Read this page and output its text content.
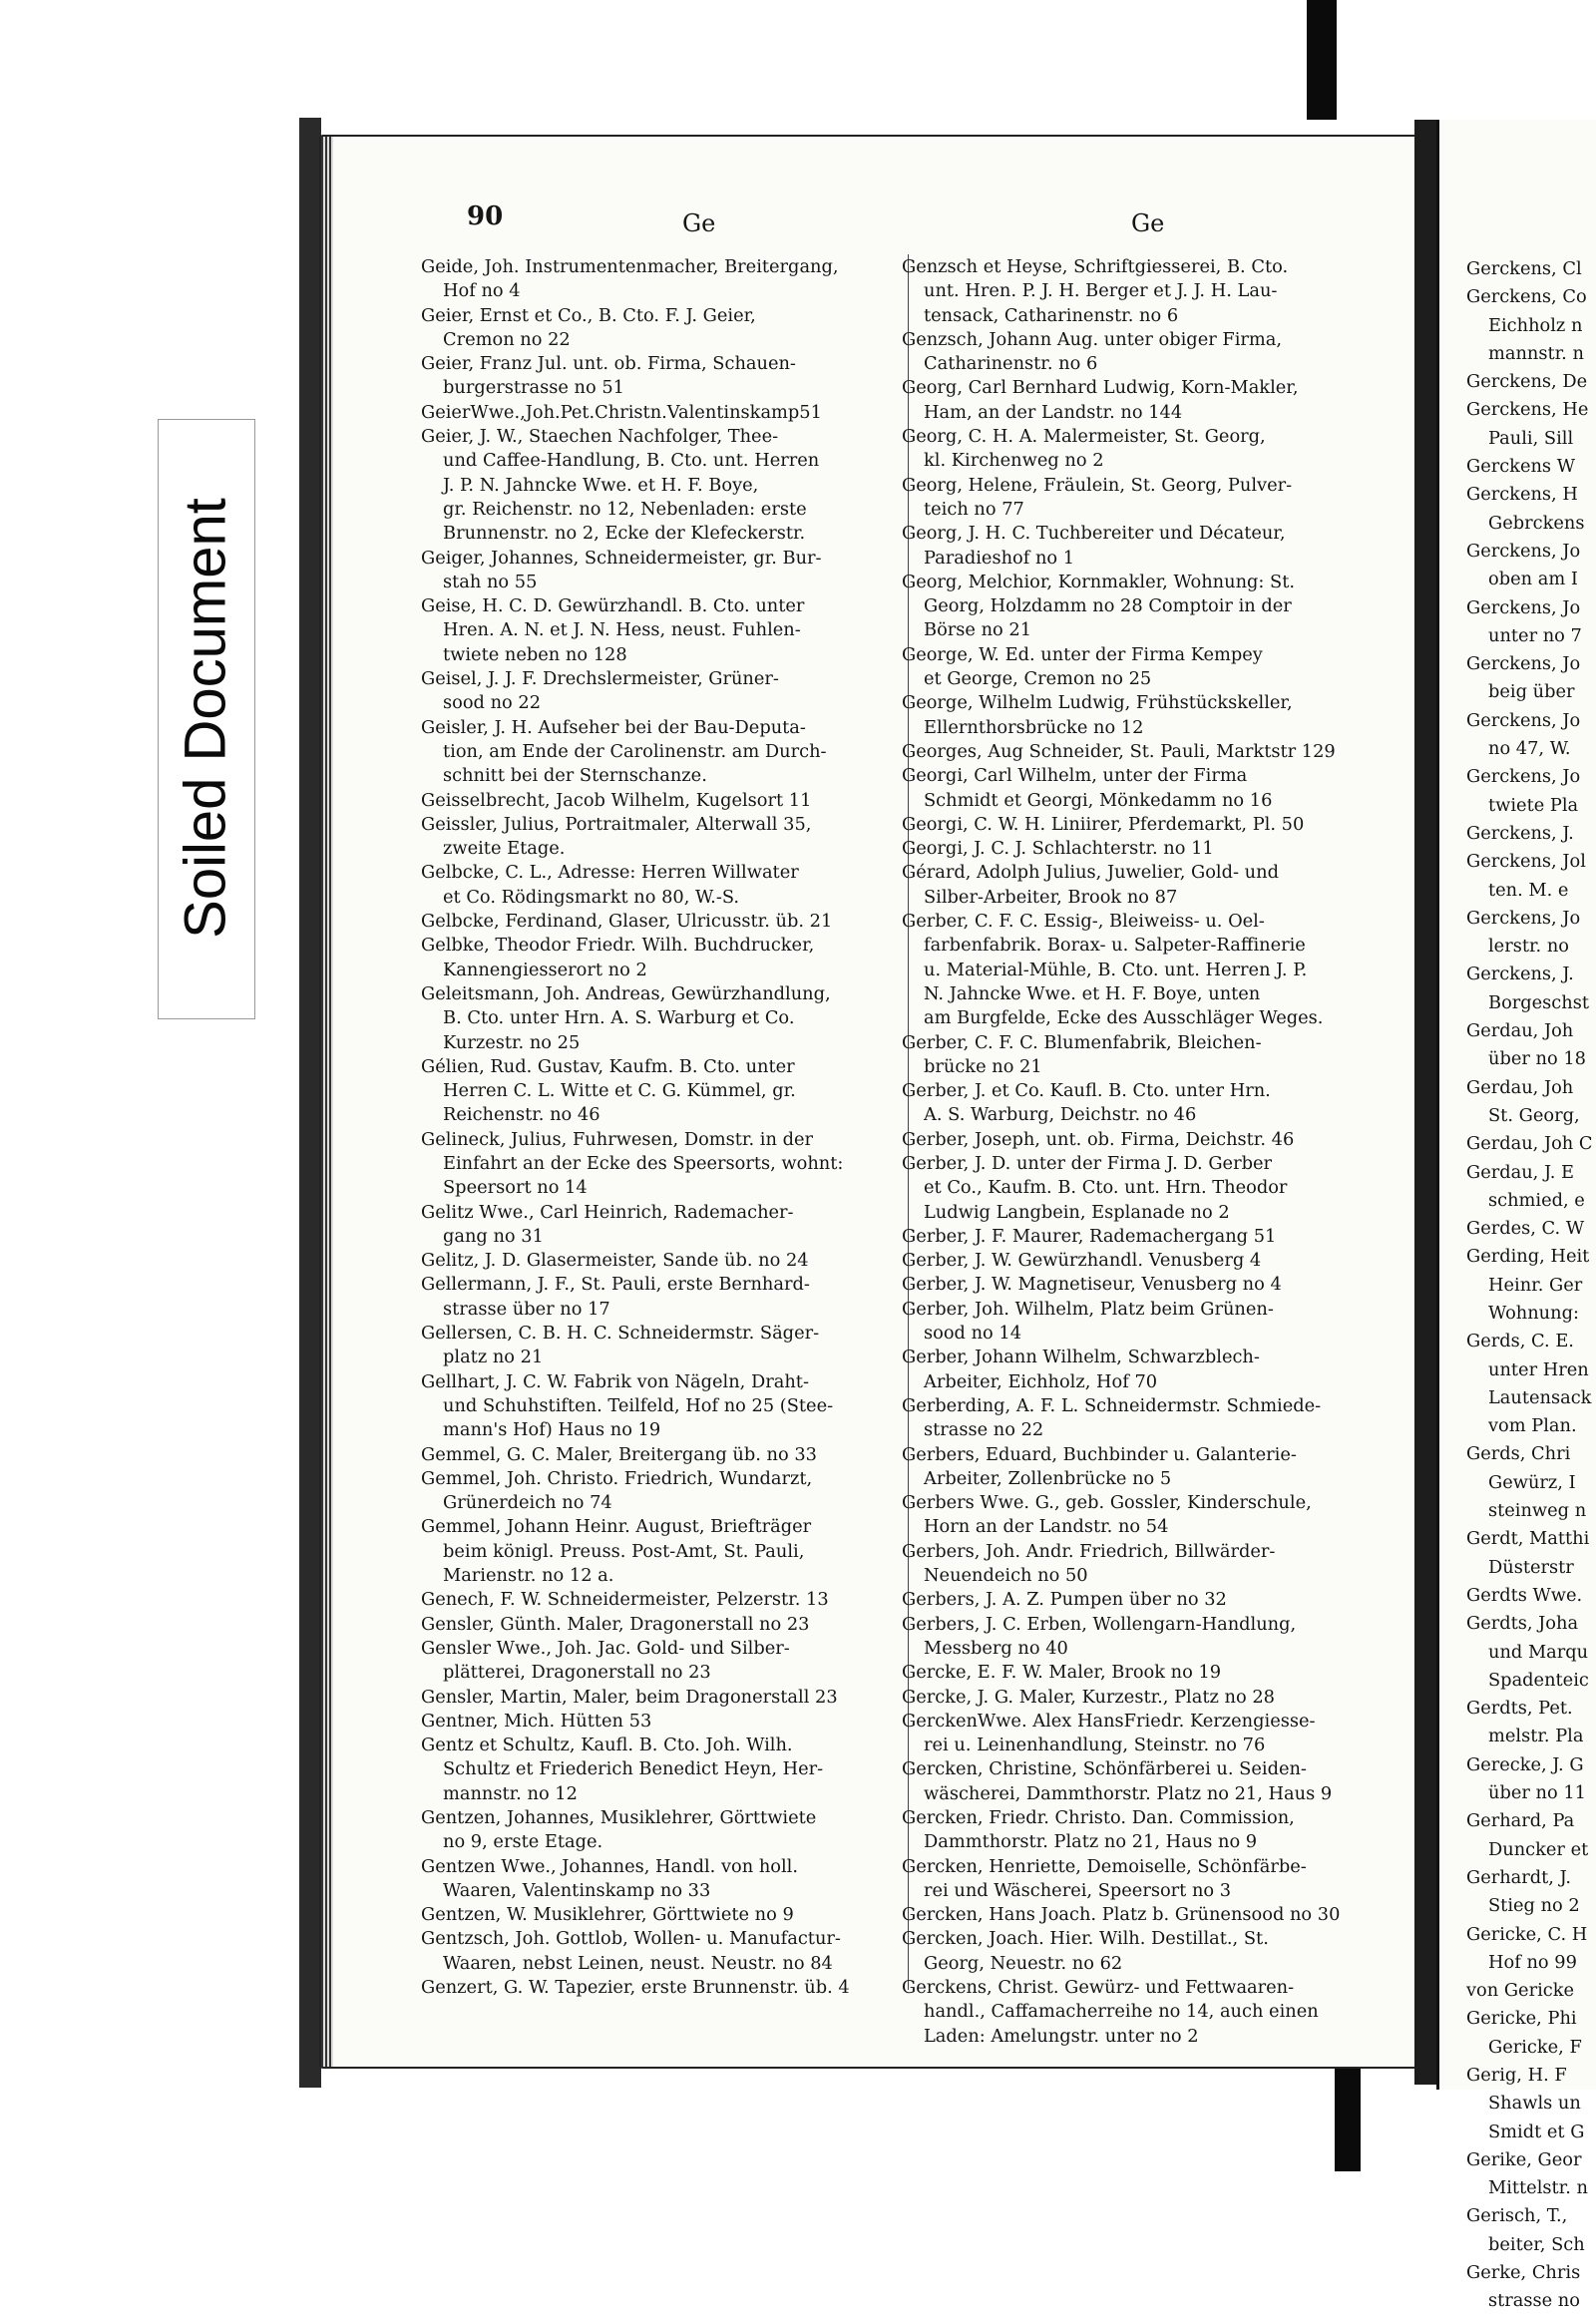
Soiled Document
90	Ge	Ge

Geide, Joh. Instrumentenmacher, Breitergang,

Hof no 4

Geier, Ernst et Co., B. Cto. F. J. Geier,

Cremon no 22

Geier, Franz Jul. unt. ob. Firma, Schauen-

burgerstrasse no 51

GeierWwe.,Joh.Pet.Christn.Valentinskamp51

Geier, J. W., Staechen Nachfolger, Thee-

und Caffee-Handlung, B. Cto. unt. Herren

J. P. N. Jahncke Wwe. et H. F. Boye,

gr. Reichenstr. no 12, Nebenladen: erste

Brunnenstr. no 2, Ecke der Klefeckerstr.

Geiger, Johannes, Schneidermeister, gr. Bur-

stah no 55

Geise, H. C. D. Gewürzhandl. B. Cto. unter

Hren. A. N. et J. N. Hess, neust. Fuhlen-

twiete neben no 128

Geisel, J. J. F. Drechslermeister, Grüner-

sood no 22

Geisler, J. H. Aufseher bei der Bau-Deputa-

tion, am Ende der Carolinenstr. am Durch-

schnitt bei der Sternschanze.

Geisselbrecht, Jacob Wilhelm, Kugelsort 11

Geissler, Julius, Portraitmaler, Alterwall 35,

zweite Etage.

Gelbcke, C. L., Adresse: Herren Willwater

et Co. Rödingsmarkt no 80, W.-S.

Gelbcke, Ferdinand, Glaser, Ulricusstr. üb. 21

Gelbke, Theodor Friedr. Wilh. Buchdrucker,

Kannengiesserort no 2

Geleitsmann, Joh. Andreas, Gewürzhandlung,

B. Cto. unter Hrn. A. S. Warburg et Co.

Kurzestr. no 25

Gélien, Rud. Gustav, Kaufm. B. Cto. unter

Herren C. L. Witte et C. G. Kümmel, gr.

Reichenstr. no 46

Gelineck, Julius, Fuhrwesen, Domstr. in der

Einfahrt an der Ecke des Speersorts, wohnt:

Speersort no 14

Gelitz Wwe., Carl Heinrich, Rademacher-

gang no 31

Gelitz, J. D. Glasermeister, Sande üb. no 24

Gellermann, J. F., St. Pauli, erste Bernhard-

strasse über no 17

Gellersen, C. B. H. C. Schneidermstr. Säger-

platz no 21

Gellhart, J. C. W. Fabrik von Nägeln, Draht-

und Schuhstiften. Teilfeld, Hof no 25 (Stee-

mann's Hof) Haus no 19

Gemmel, G. C. Maler, Breitergang üb. no 33

Gemmel, Joh. Christo. Friedrich, Wundarzt,

Grünerdeich no 74

Gemmel, Johann Heinr. August, Briefträger

beim königl. Preuss. Post-Amt, St. Pauli,

Marienstr. no 12 a.

Genech, F. W. Schneidermeister, Pelzerstr. 13

Gensler, Günth. Maler, Dragonerstall no 23

Gensler Wwe., Joh. Jac. Gold- und Silber-

plätterei, Dragonerstall no 23

Gensler, Martin, Maler, beim Dragonerstall 23

Gentner, Mich. Hütten 53

Gentz et Schultz, Kaufl. B. Cto. Joh. Wilh.

Schultz et Friederich Benedict Heyn, Her-

mannstr. no 12

Gentzen, Johannes, Musiklehrer, Görttwiete

no 9, erste Etage.

Gentzen Wwe., Johannes, Handl. von holl.

Waaren, Valentinskamp no 33

Gentzen, W. Musiklehrer, Görttwiete no 9

Gentzsch, Joh. Gottlob, Wollen- u. Manufactur-

Waaren, nebst Leinen, neust. Neustr. no 84

Genzert, G. W. Tapezier, erste Brunnenstr. üb. 4

Genzsch et Heyse, Schriftgiesserei, B. Cto.

unt. Hren. P. J. H. Berger et J. J. H. Lau-

tensack, Catharinenstr. no 6

Genzsch, Johann Aug. unter obiger Firma,

Catharinenstr. no 6

Georg, Carl Bernhard Ludwig, Korn-Makler,

Ham, an der Landstr. no 144

Georg, C. H. A. Malermeister, St. Georg,

kl. Kirchenweg no 2

Georg, Helene, Fräulein, St. Georg, Pulver-

teich no 77

Georg, J. H. C. Tuchbereiter und Décateur,

Paradieshof no 1

Georg, Melchior, Kornmakler, Wohnung: St.

Georg, Holzdamm no 28 Comptoir in der

Börse no 21

George, W. Ed. unter der Firma Kempey

et George, Cremon no 25

George, Wilhelm Ludwig, Frühstückskeller,

Ellernthorsbrücke no 12

Georges, Aug Schneider, St. Pauli, Marktstr 129

Georgi, Carl Wilhelm, unter der Firma

Schmidt et Georgi, Mönkedamm no 16

Georgi, C. W. H. Liniirer, Pferdemarkt, Pl. 50

Georgi, J. C. J. Schlachterstr. no 11

Gérard, Adolph Julius, Juwelier, Gold- und

Silber-Arbeiter, Brook no 87

Gerber, C. F. C. Essig-, Bleiweiss- u. Oel-

farbenfabrik. Borax- u. Salpeter-Raffinerie

u. Material-Mühle, B. Cto. unt. Herren J. P.

N. Jahncke Wwe. et H. F. Boye, unten

am Burgfelde, Ecke des Ausschläger Weges.

Gerber, C. F. C. Blumenfabrik, Bleichen-

brücke no 21

Gerber, J. et Co. Kaufl. B. Cto. unter Hrn.

A. S. Warburg, Deichstr. no 46

Gerber, Joseph, unt. ob. Firma, Deichstr. 46

Gerber, J. D. unter der Firma J. D. Gerber

et Co., Kaufm. B. Cto. unt. Hrn. Theodor

Ludwig Langbein, Esplanade no 2

Gerber, J. F. Maurer, Rademachergang 51

Gerber, J. W. Gewürzhandl. Venusberg 4

Gerber, J. W. Magnetiseur, Venusberg no 4

Gerber, Joh. Wilhelm, Platz beim Grünen-

sood no 14

Gerber, Johann Wilhelm, Schwarzblech-

Arbeiter, Eichholz, Hof 70

Gerberding, A. F. L. Schneidermstr. Schmiede-

strasse no 22

Gerbers, Eduard, Buchbinder u. Galanterie-

Arbeiter, Zollenbrücke no 5

Gerbers Wwe. G., geb. Gossler, Kinderschule,

Horn an der Landstr. no 54

Gerbers, Joh. Andr. Friedrich, Billwärder-

Neuendeich no 50

Gerbers, J. A. Z. Pumpen über no 32

Gerbers, J. C. Erben, Wollengarn-Handlung,

Messberg no 40

Gercke, E. F. W. Maler, Brook no 19

Gercke, J. G. Maler, Kurzestr., Platz no 28

GerckenWwe. Alex HansFriedr. Kerzengiesse-

rei u. Leinenhandlung, Steinstr. no 76

Gercken, Christine, Schönfärberei u. Seiden-

wäscherei, Dammthorstr. Platz no 21, Haus 9

Gercken, Friedr. Christo. Dan. Commission,

Dammthorstr. Platz no 21, Haus no 9

Gercken, Henriette, Demoiselle, Schönfärbe-

rei und Wäscherei, Speersort no 3

Gercken, Hans Joach. Platz b. Grünensood no 30

Gercken, Joach. Hier. Wilh. Destillat., St.

Georg, Neuestr. no 62

Gerckens, Christ. Gewürz- und Fettwaaren-

handl., Caffamacherreihe no 14, auch einen

Laden: Amelungstr. unter no 2

Gerckens, Cl

Gerckens, Co

Eichholz n

mannstr. n

Gerckens, De

Gerckens, He

Pauli, Sill

Gerckens W

Gerckens, H

Gebrckens

Gerckens, Jo

oben am I

Gerckens, Jo

unter no 7

Gerckens, Jo

beig über

Gerckens, Jo

no 47, W.

Gerckens, Jo

twiete Pla

Gerckens, J.

Gerckens, Jol

ten. M. e

Gerckens, Jo

lerstr. no

Gerckens, J.

Borgeschst

Gerdau, Joh

über no 18

Gerdau, Joh

St. Georg,

Gerdau, Joh C

Gerdau, J. E

schmied, e

Gerdes, C. W

Gerding, Heit

Heinr. Ger

Wohnung:

Gerds, C. E.

unter Hren

Lautensack

vom Plan.

Gerds, Chri

Gewürz, I

steinweg n

Gerdt, Matthi

Düsterstr

Gerdts Wwe.

Gerdts, Joha

und Marqu

Spadenteic

Gerdts, Pet.

melstr. Pla

Gerecke, J. G

über no 11

Gerhard, Pa

Duncker et

Gerhardt, J.

Stieg no 2

Gericke, C. H

Hof no 99

von Gericke

Gericke, Phi

Gericke, F

Gerig, H. F

Shawls un

Smidt et G

Gerike, Geor

Mittelstr. n

Gerisch, T.,

beiter, Sch

Gerke, Chris

strasse no
